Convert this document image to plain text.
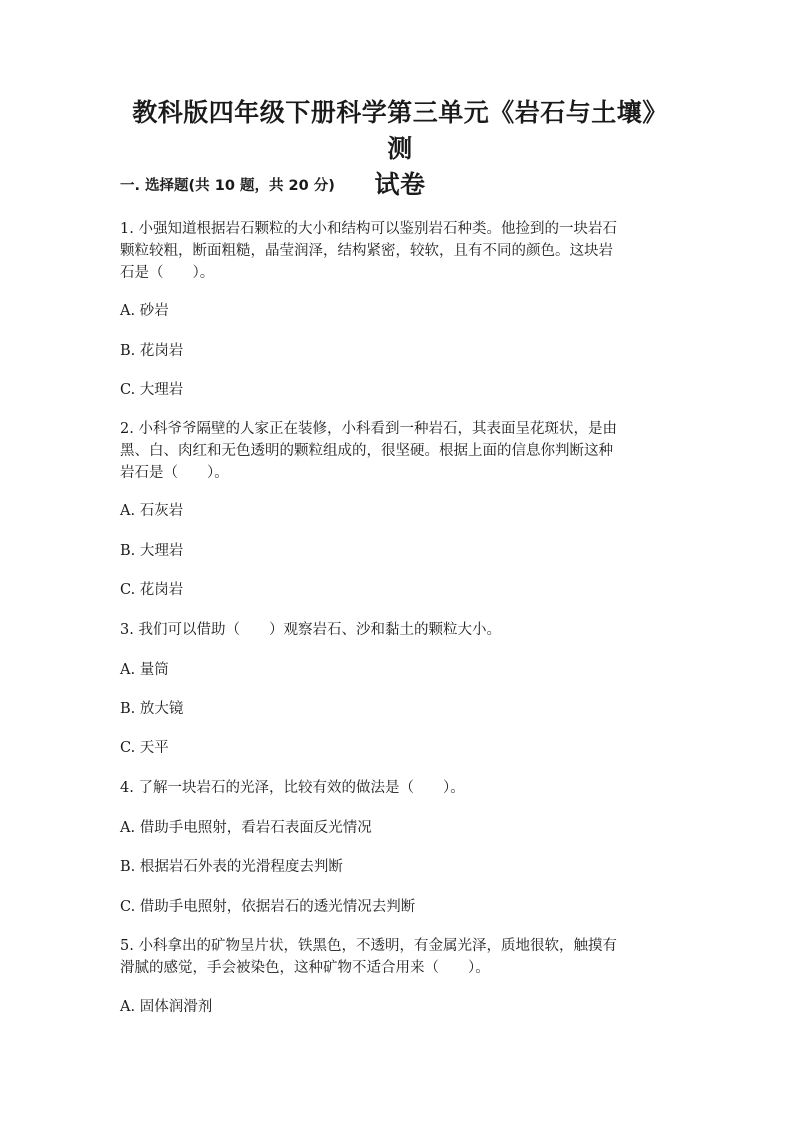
教科版四年级下册科学第三单元《岩石与土壤》测
试卷
一. 选择题(共 10 题，共 20 分)
1. 小强知道根据岩石颗粒的大小和结构可以鉴别岩石种类。他捡到的一块岩石
颗粒较粗，断面粗糙，晶莹润泽，结构紧密，较软，且有不同的颜色。这块岩
石是（　　）。
A. 砂岩
B. 花岗岩
C. 大理岩
2. 小科爷爷隔壁的人家正在装修，小科看到一种岩石，其表面呈花斑状，是由
黑、白、肉红和无色透明的颗粒组成的，很坚硬。根据上面的信息你判断这种
岩石是（　　）。
A. 石灰岩
B. 大理岩
C. 花岗岩
3. 我们可以借助（　　）观察岩石、沙和黏土的颗粒大小。
A. 量筒
B. 放大镜
C. 天平
4. 了解一块岩石的光泽，比较有效的做法是（　　）。
A. 借助手电照射，看岩石表面反光情况
B. 根据岩石外表的光滑程度去判断
C. 借助手电照射，依据岩石的透光情况去判断
5. 小科拿出的矿物呈片状，铁黑色，不透明，有金属光泽，质地很软，触摸有
滑腻的感觉，手会被染色，这种矿物不适合用来（　　）。
A. 固体润滑剂
